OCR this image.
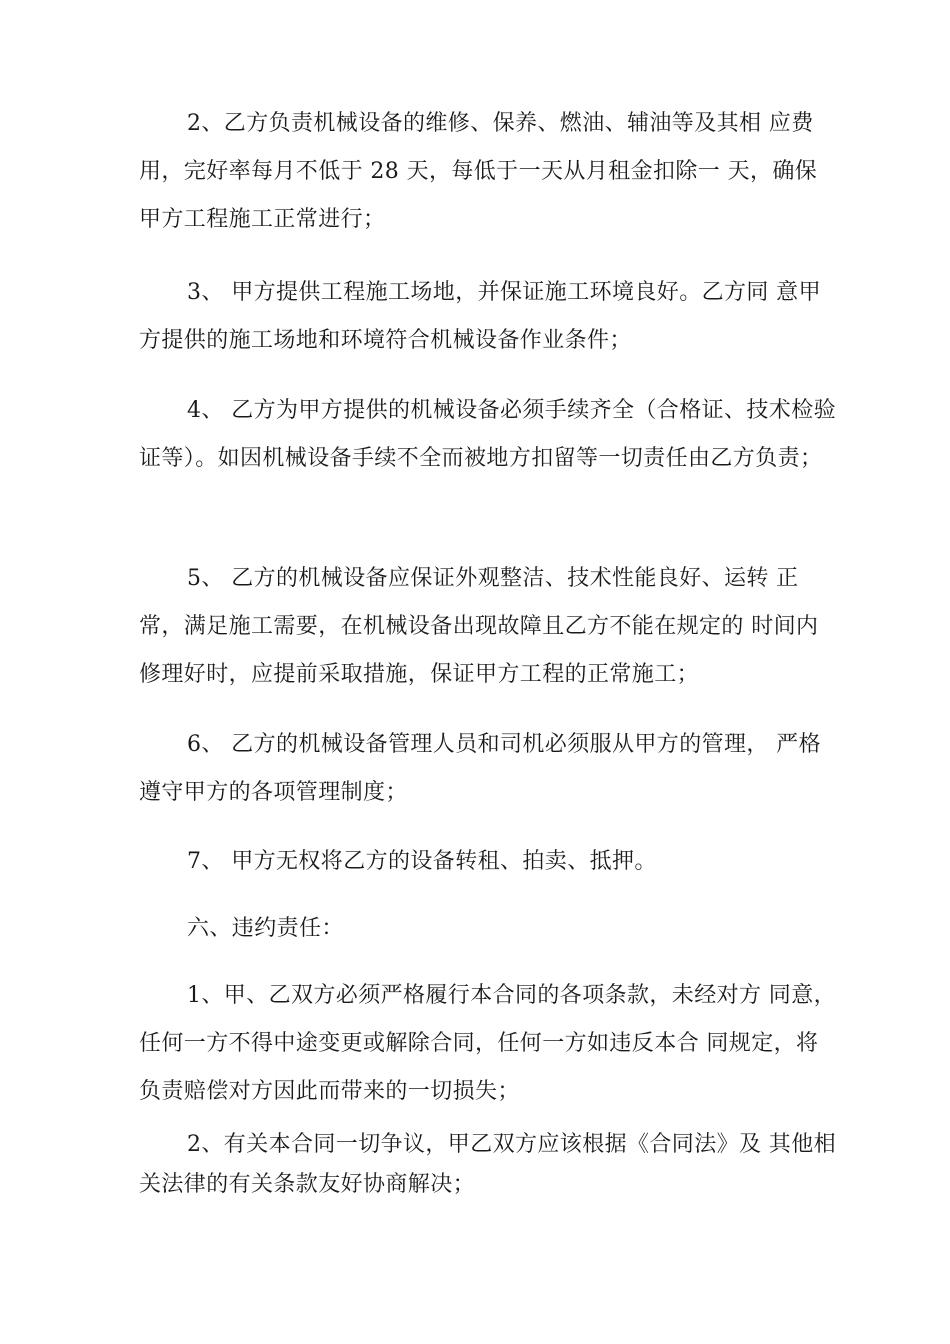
2、乙方负责机械设备的维修、保养、燃油、辅油等及其相 应费用，完好率每月不低于 28 天，每低于一天从月租金扣除一 天，确保甲方工程施工正常进行；

3、 甲方提供工程施工场地，并保证施工环境良好。乙方同 意甲方提供的施工场地和环境符合机械设备作业条件；

4、 乙方为甲方提供的机械设备必须手续齐全（合格证、技术检验证等）。如因机械设备手续不全而被地方扣留等一切责任由乙方负责；

5、 乙方的机械设备应保证外观整洁、技术性能良好、运转 正常，满足施工需要，在机械设备出现故障且乙方不能在规定的 时间内修理好时，应提前采取措施，保证甲方工程的正常施工；

6、 乙方的机械设备管理人员和司机必须服从甲方的管理， 严格遵守甲方的各项管理制度；

7、 甲方无权将乙方的设备转租、拍卖、抵押。

六、违约责任：

1、甲、乙双方必须严格履行本合同的各项条款，未经对方 同意，任何一方不得中途变更或解除合同，任何一方如违反本合 同规定，将负责赔偿对方因此而带来的一切损失；

2、有关本合同一切争议，甲乙双方应该根据《合同法》及 其他相关法律的有关条款友好协商解决；
